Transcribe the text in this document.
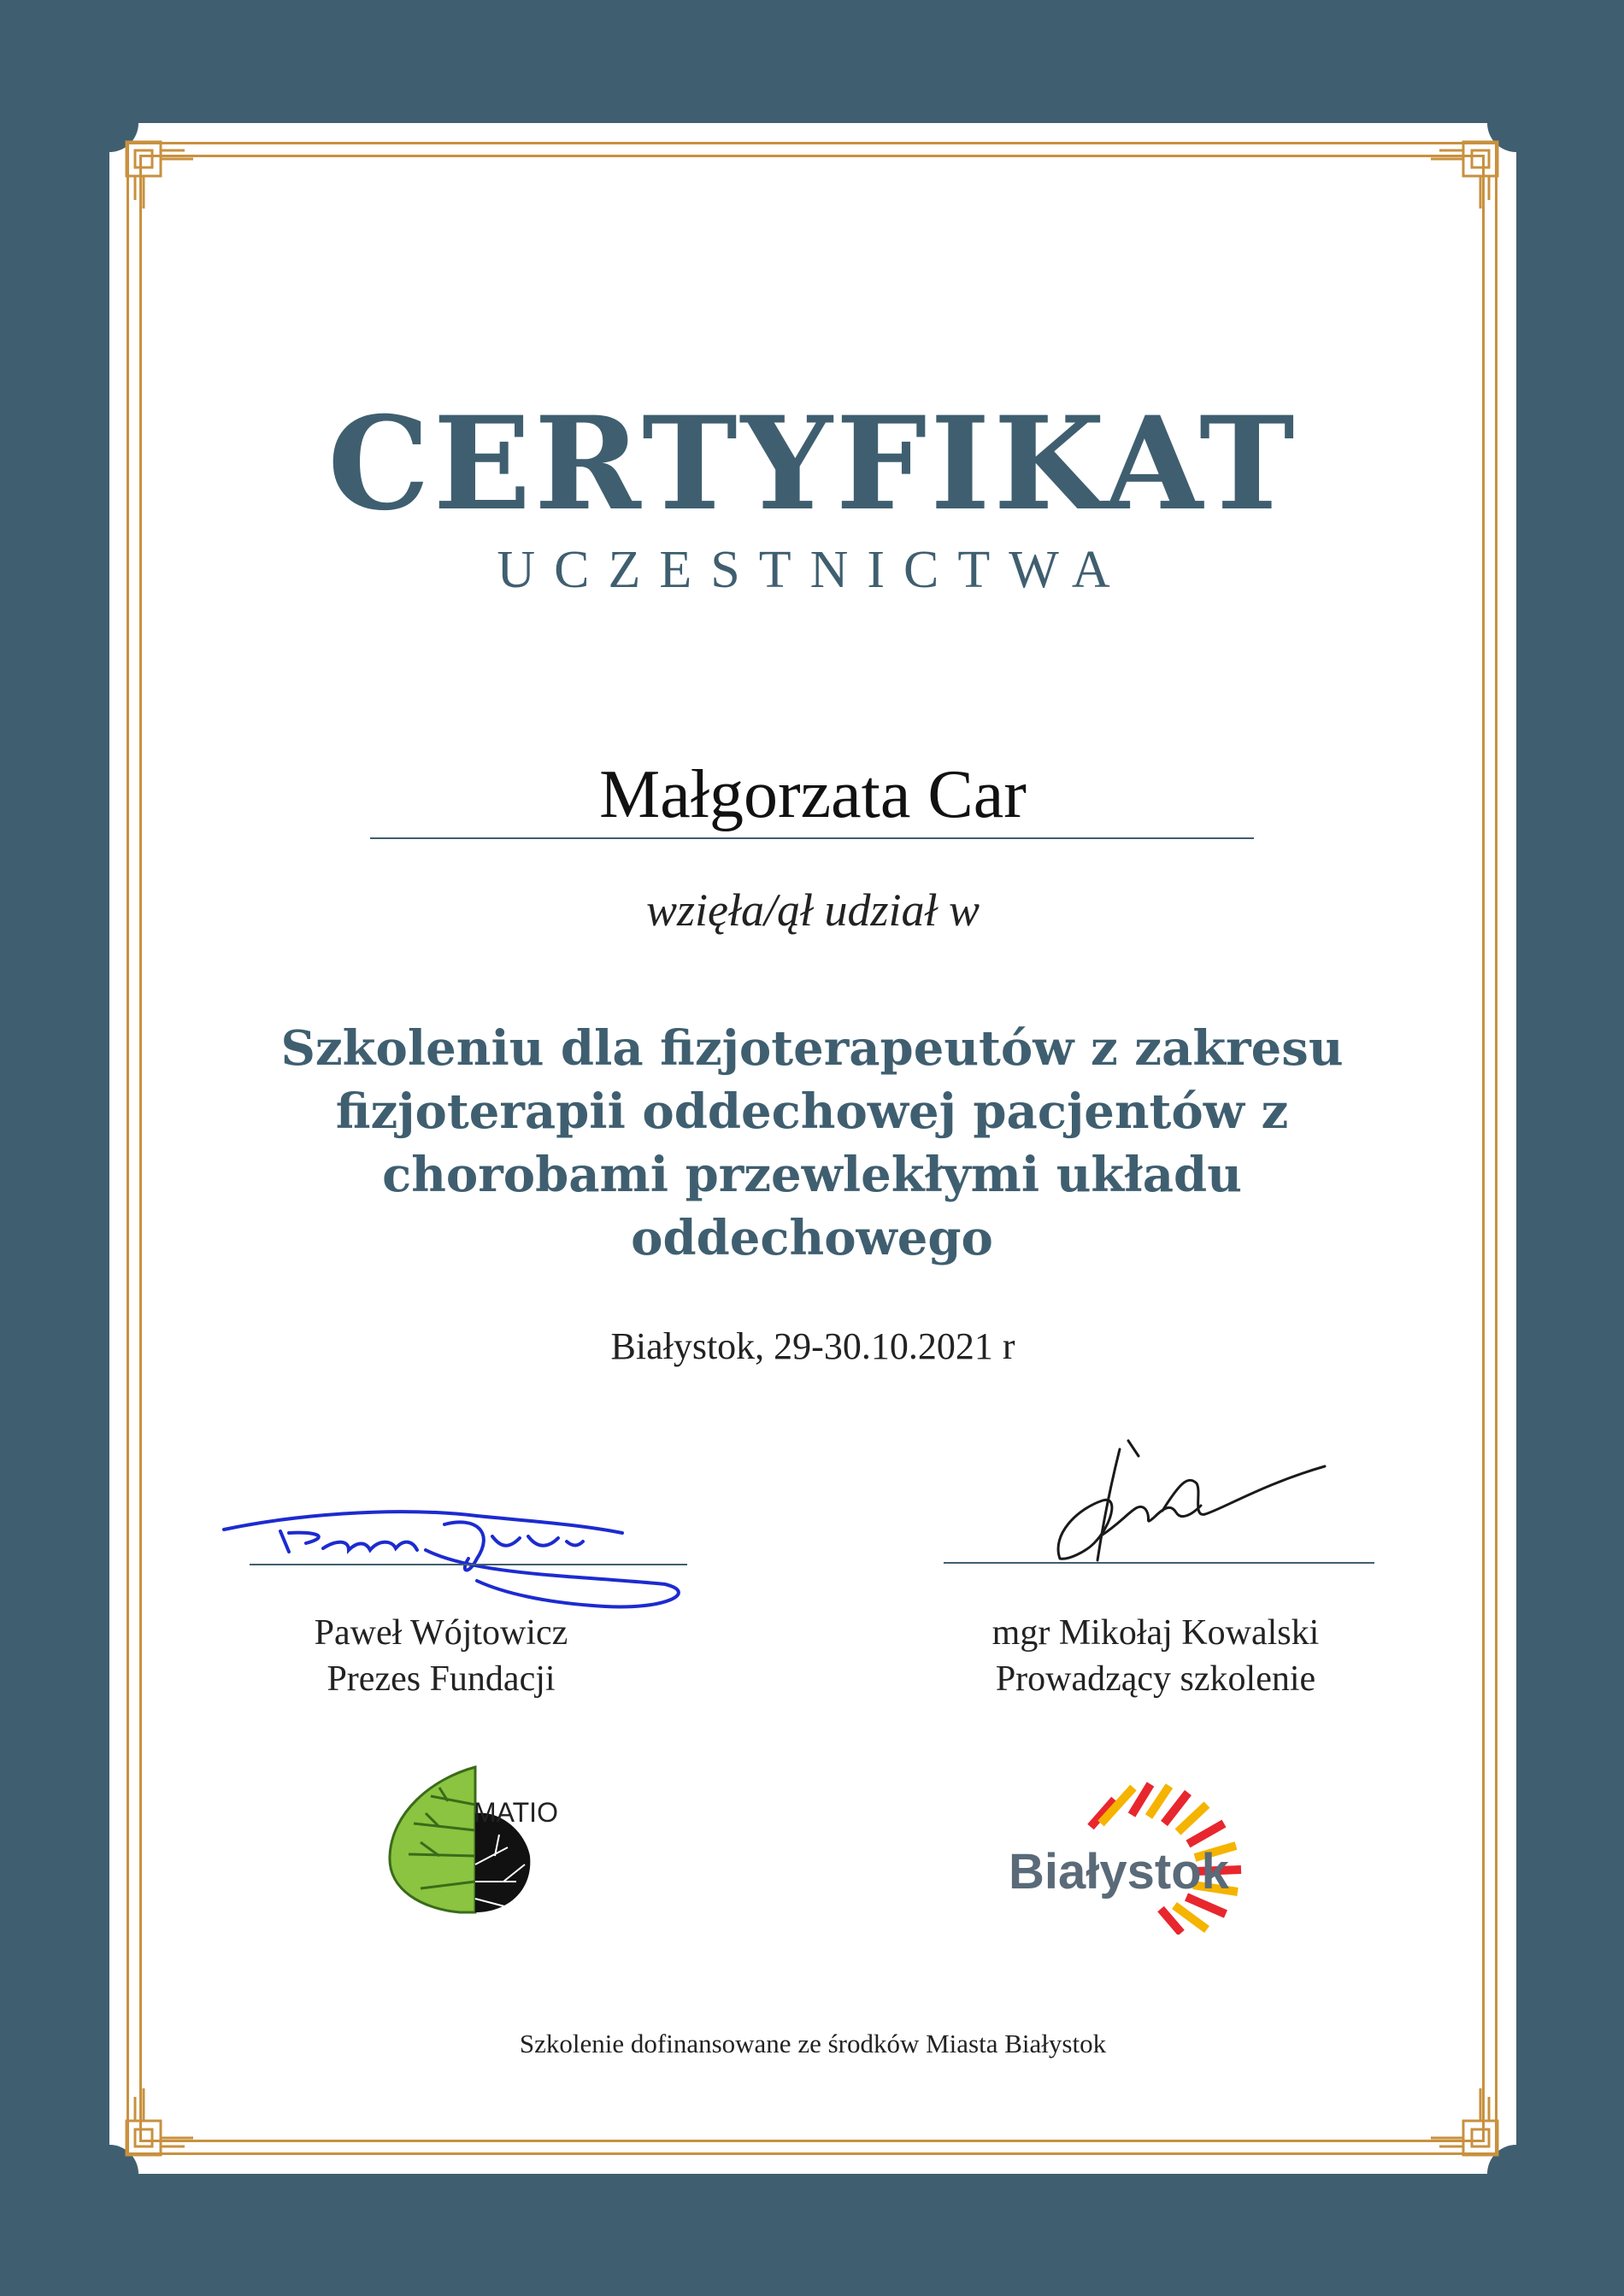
CERTYFIKAT
UCZESTNICTWA
Małgorzata Car
wzięła/ął udział w
Szkoleniu dla fizjoterapeutów z zakresu
fizjoterapii oddechowej pacjentów z
chorobami przewlekłymi układu
oddechowego
Białystok, 29-30.10.2021 r
Paweł Wójtowicz
Prezes Fundacji
mgr Mikołaj Kowalski
Prowadzący szkolenie
MATIO
Białystok
Szkolenie dofinansowane ze środków Miasta Białystok
